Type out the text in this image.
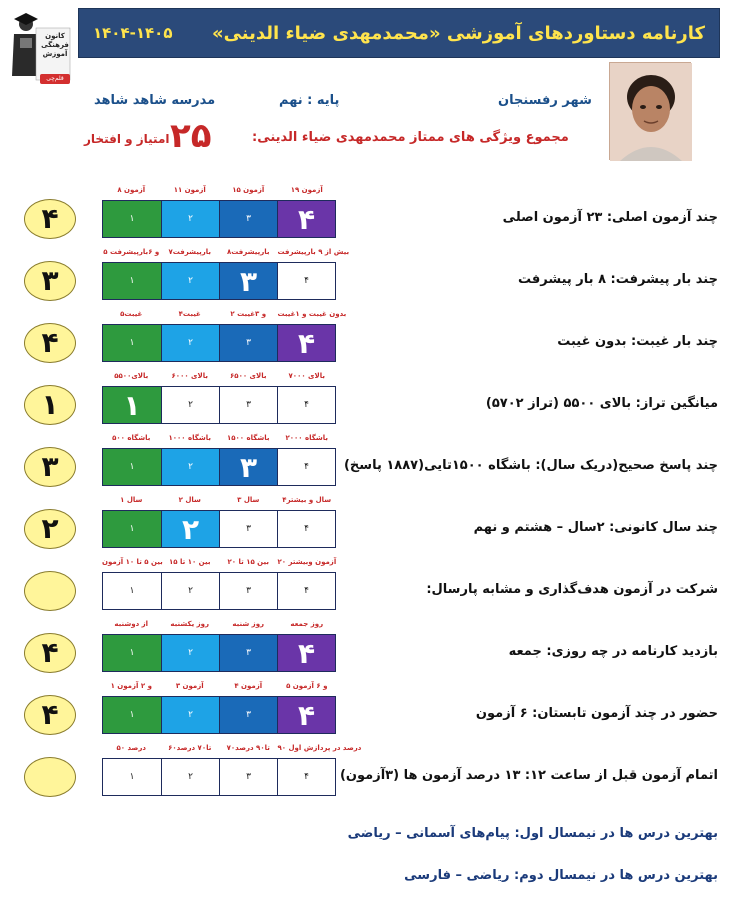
کارنامه دستاوردهای آموزشی «محمدمهدی ضیاء الدینی»
۱۴۰۴-۱۴۰۵
کانون فرهنگی آموزش
قلم‌چی
شهر رفسنجان
پایه : نهم
مدرسه شاهد شاهد
مجموع ویژگی های ممتاز محمدمهدی ضیاء الدینی:
۲۵
امتیاز و افتخار
۸ آزمون	۱۱ آزمون	۱۵ آزمون	۱۹ آزمون
۱	۲	۳	۴
۴	چند آزمون اصلی: ۲۳ آزمون اصلی
۵ و ۶بارپیشرفت	۷بارپیشرفت	۸بارپیشرفت	بیش از ۹ بارپیشرفت
۱	۲	۳	۴
۳	چند بار پیشرفت: ۸ بار پیشرفت
۵غیبت	۴غیبت	۲ و ۳غیبت	بدون غیبت و ۱غیبت
۱	۲	۳	۴
۴	چند بار غیبت: بدون غیبت
بالای۵۵۰۰	بالای ۶۰۰۰	بالای ۶۵۰۰	بالای ۷۰۰۰
۱	۲	۳	۴
۱	میانگین تراز: بالای ۵۵۰۰ (تراز ۵۷۰۲)
باشگاه ۵۰۰	باشگاه ۱۰۰۰	باشگاه ۱۵۰۰	باشگاه ۲۰۰۰
۱	۲	۳	۴
۳	چند پاسخ صحیح(دریک سال): باشگاه ۱۵۰۰تایی(۱۸۸۷ پاسخ)
۱ سال	۲ سال	۳ سال	۴سال و بیشتر
۱	۲	۳	۴
۲	چند سال کانونی: ۲سال – هشتم و نهم
بین ۵ تا ۱۰ آزمون بین ۱۰ تا ۱۵	بین ۱۵ تا ۲۰	۲۰ آزمون وبیشتر
۱	۲	۳	۴	شرکت در آزمون هدف‌گذاری و مشابه پارسال:
از دوشنبه	روز یکشنبه	روز شنبه	روز جمعه
۱	۲	۳	۴
۴	بازدید کارنامه در چه روزی: جمعه
۱ و ۲ آزمون	۳ آزمون	۴ آزمون	۵ و ۶ آزمون
۱	۲	۳	۴
۴	حضور در چند آزمون تابستان: ۶ آزمون
۵۰ درصد	۶۰تا۷۰ درصد	۷۰تا۹۰ درصد	۹۰ درصد در پردازش اول
۱	۲	۳	۴	اتمام آزمون قبل از ساعت ۱۲: ۱۳ درصد آزمون ها (۳آزمون)
بهترین درس ها در نیمسال اول: پیام‌های آسمانی – ریاضی
بهترین درس ها در نیمسال دوم: ریاضی – فارسی
